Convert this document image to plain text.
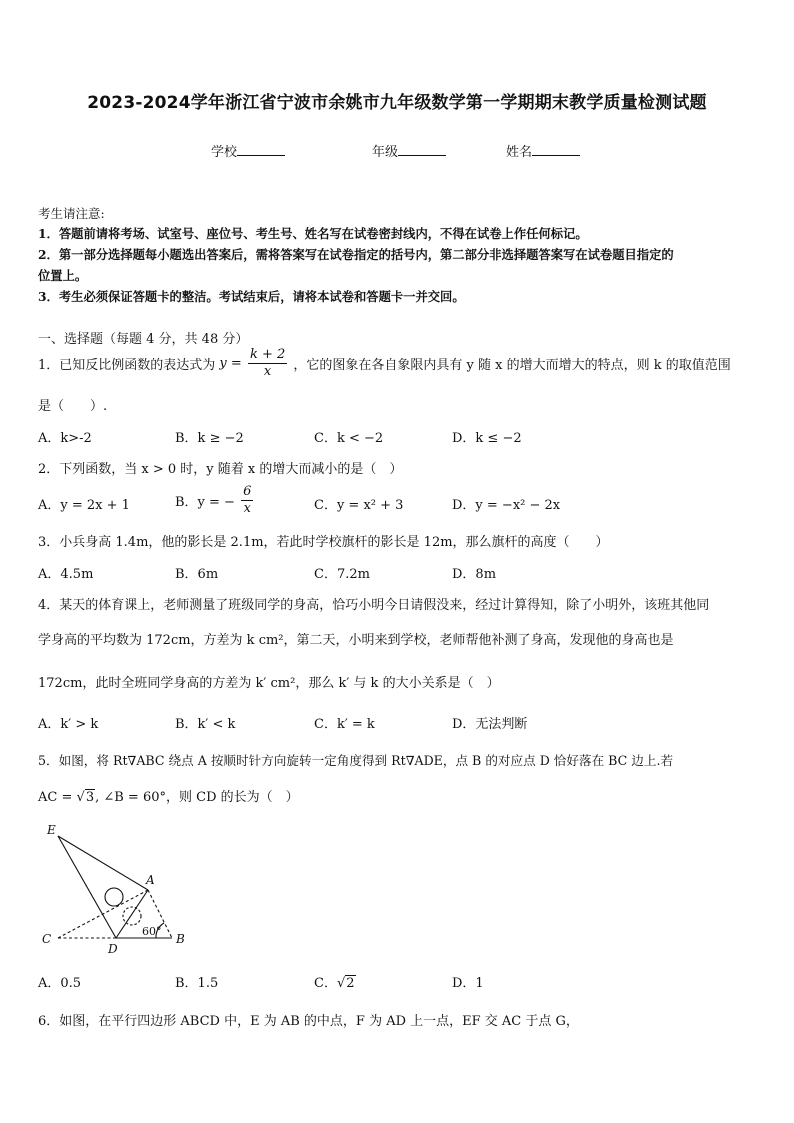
2023-2024学年浙江省宁波市余姚市九年级数学第一学期期末教学质量检测试题
学校	年级	姓名
考生请注意:
1．答题前请将考场、试室号、座位号、考生号、姓名写在试卷密封线内，不得在试卷上作任何标记。
2．第一部分选择题每小题选出答案后，需将答案写在试卷指定的括号内，第二部分非选择题答案写在试卷题目指定的
位置上。
3．考生必须保证答题卡的整洁。考试结束后，请将本试卷和答题卡一并交回。
一、选择题（每题 4 分，共 48 分）
1．已知反比例函数的表达式为 $y = \frac{k + 2}{x}$ ，它的图象在各自象限内具有 y 随 x 的增大而增大的特点，则 k 的取值范围
是（　　）.
A．k>-2	B．k ≥ −2	C．k < −2	D．k ≤ −2
2．下列函数，当 x > 0 时，y 随着 x 的增大而减小的是（　）
A．y = 2x + 1	B．y = − $\frac{6}{x}$	C．y = x² + 3	D．y = −x² − 2x
3．小兵身高 1.4m，他的影长是 2.1m，若此时学校旗杆的影长是 12m，那么旗杆的高度（　　）
A．4.5m	B．6m	C．7.2m	D．8m
4．某天的体育课上，老师测量了班级同学的身高，恰巧小明今日请假没来，经过计算得知，除了小明外，该班其他同
学身高的平均数为 172cm，方差为 k cm²，第二天，小明来到学校，老师帮他补测了身高，发现他的身高也是
172cm，此时全班同学身高的方差为 k′ cm²，那么 k′ 与 k 的大小关系是（　）
A．k′ > k	B．k′ < k	C．k′ = k	D．无法判断
5．如图，将 Rt∇ABC 绕点 A 按顺时针方向旋转一定角度得到 Rt∇ADE，点 B 的对应点 D 恰好落在 BC 边上.若
AC = √3, ∠B = 60°，则 CD 的长为（　）
E
A
C
D
B
60°
A．0.5	B．1.5	C．√2	D．1
6．如图，在平行四边形 ABCD 中，E 为 AB 的中点，F 为 AD 上一点，EF 交 AC 于点 G，
